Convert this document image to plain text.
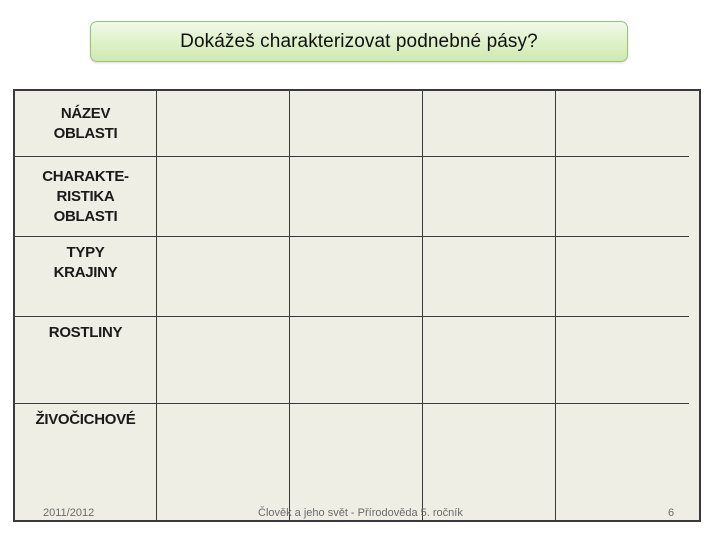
Dokážeš charakterizovat podnebné pásy?
NÁZEV
OBLASTI
CHARAKTE-
RISTIKA
OBLASTI
TYPY
KRAJINY
ROSTLINY
ŽIVOČICHOVÉ
2011/2012	Člověk a jeho svět - Přírodověda 5. ročník	6
